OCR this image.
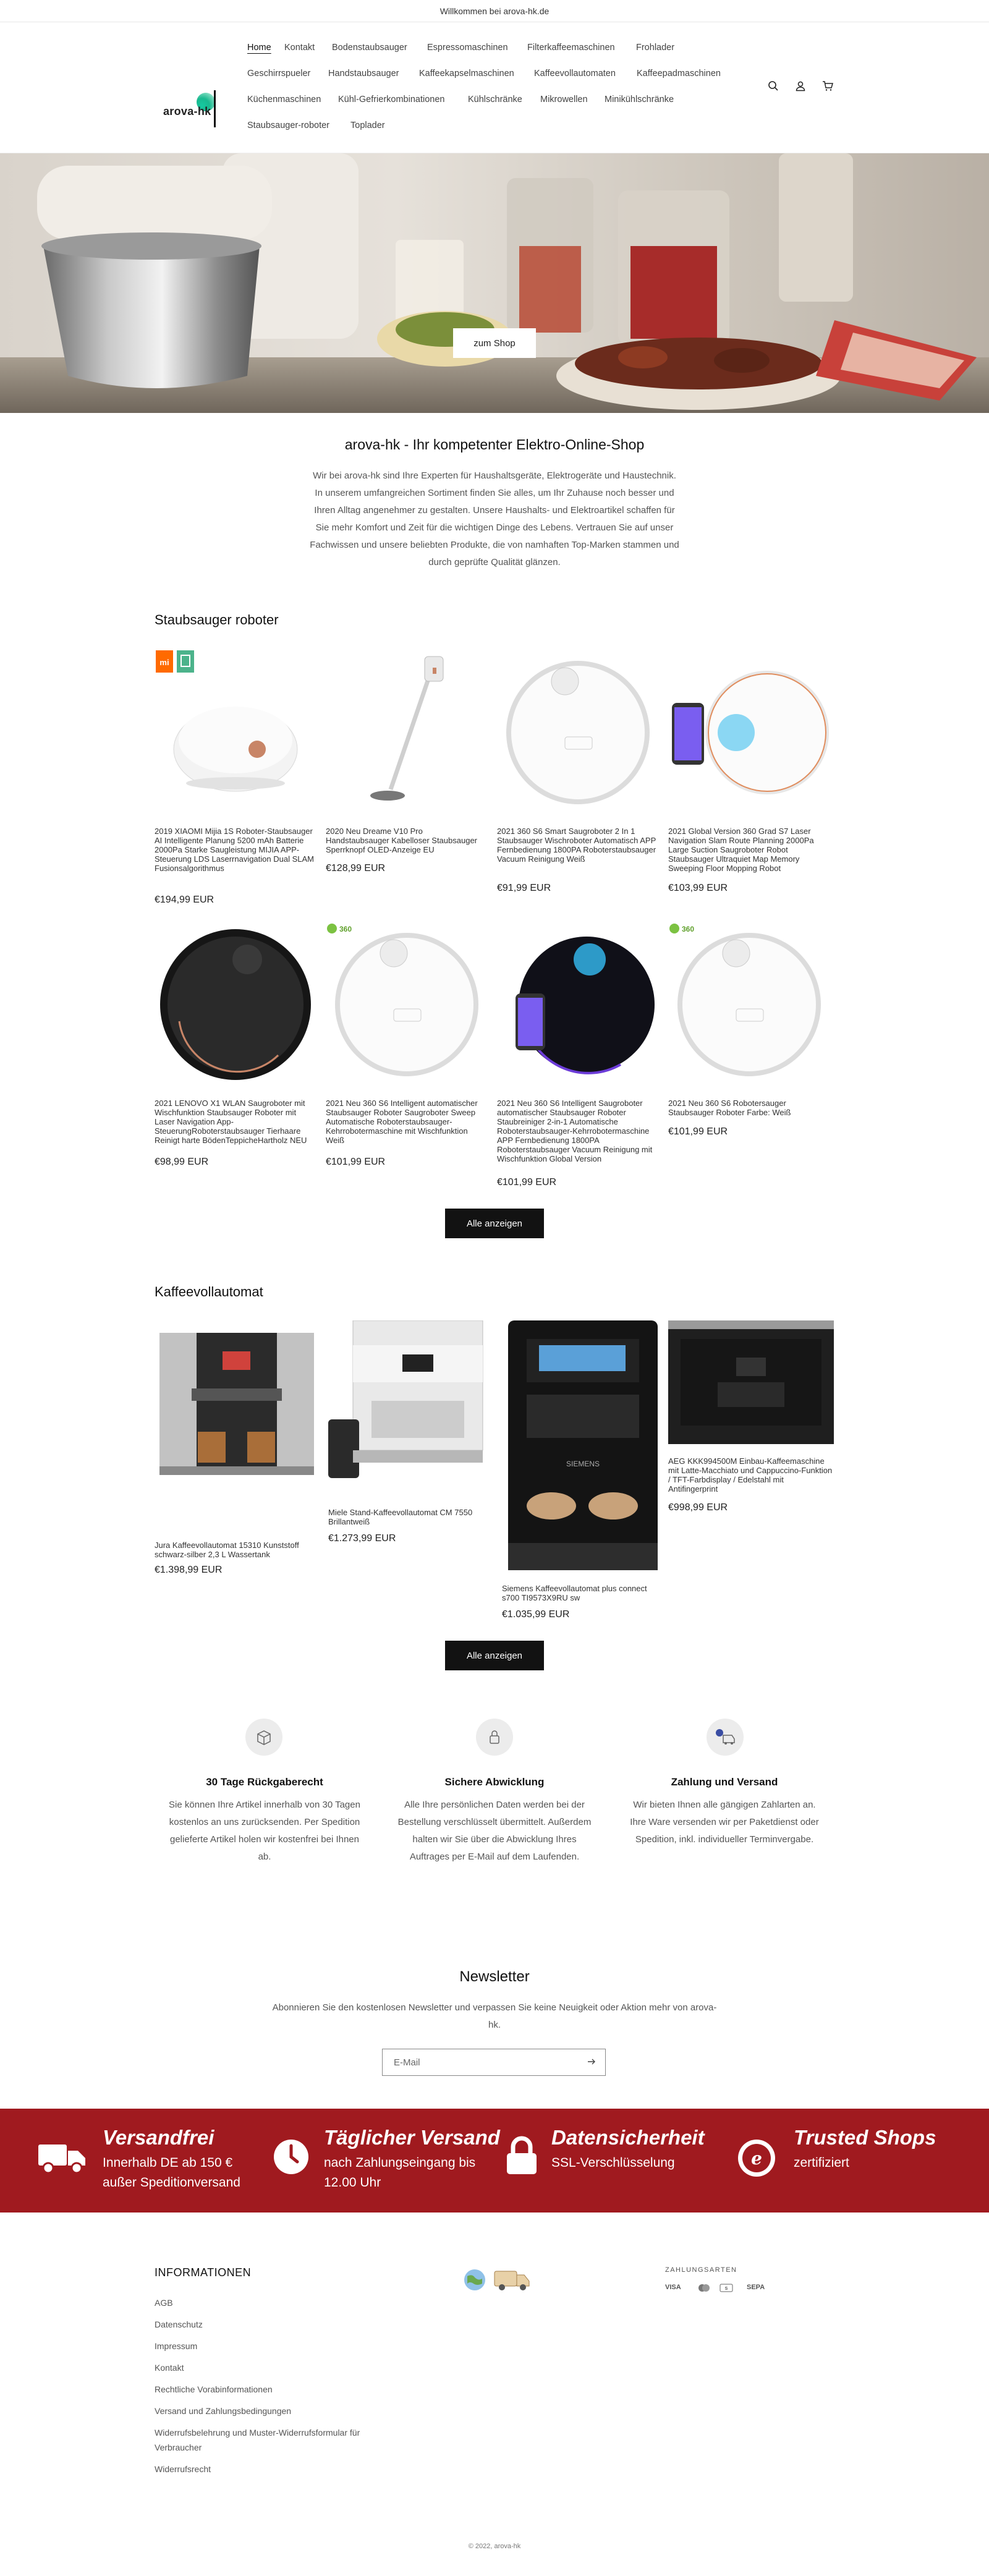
Willkommen bei arova-hk.de
arova-hk
Home Kontakt Bodenstaubsauger Espressomaschinen Filterkaffeemaschinen Frohlader
Geschirrspueler Handstaubsauger Kaffeekapselmaschinen Kaffeevollautomaten Kaffeepadmaschinen
Küchenmaschinen Kühl-Gefrierkombinationen	Kühlschränke Mikrowellen Minikühlschränke
Staubsauger-roboter Toplader
zum Shop
arova-hk - Ihr kompetenter Elektro-Online-Shop
Wir bei arova-hk sind Ihre Experten für Haushaltsgeräte, Elektrogeräte und Haustechnik. In unserem umfangreichen Sortiment finden Sie alles, um Ihr Zuhause noch besser und Ihren Alltag angenehmer zu gestalten. Unsere Haushalts- und Elektroartikel schaffen für Sie mehr Komfort und Zeit für die wichtigen Dinge des Lebens. Vertrauen Sie auf unser Fachwissen und unsere beliebten Produkte, die von namhaften Top-Marken stammen und durch geprüfte Qualität glänzen.
Staubsauger roboter
mi
2019 XIAOMI Mijia 1S Roboter-Staubsauger AI Intelligente Planung 5200 mAh Batterie 2000Pa Starke Saugleistung MIJIA APP-Steuerung LDS Laserrnavigation Dual SLAM Fusionsalgorithmus
€194,99 EUR
2020 Neu Dreame V10 Pro Handstaubsauger Kabelloser Staubsauger Sperrknopf OLED-Anzeige EU
€128,99 EUR
2021 360 S6 Smart Saugroboter 2 In 1 Staubsauger Wischroboter Automatisch APP Fernbedienung 1800PA Roboterstaubsauger Vacuum Reinigung Weiß
€91,99 EUR
2021 Global Version 360 Grad S7 Laser Navigation Slam Route Planning 2000Pa Large Suction Saugroboter Robot Staubsauger Ultraquiet Map Memory Sweeping Floor Mopping Robot
€103,99 EUR
2021 LENOVO X1 WLAN Saugroboter mit Wischfunktion Staubsauger Roboter mit Laser Navigation App-SteuerungRoboterstaubsauger Tierhaare Reinigt harte BödenTeppicheHartholz NEU
€98,99 EUR
360
2021 Neu 360 S6 Intelligent automatischer Staubsauger Roboter Saugroboter Sweep Automatische Roboterstaubsauger-Kehrrobotermaschine mit Wischfunktion Weiß
€101,99 EUR
2021 Neu 360 S6 Intelligent Saugroboter automatischer Staubsauger Roboter Staubreiniger 2-in-1 Automatische Roboterstaubsauger-Kehrrobotermaschine APP Fernbedienung 1800PA Roboterstaubsauger Vacuum Reinigung mit Wischfunktion Global Version
€101,99 EUR
360
2021 Neu 360 S6 Robotersauger Staubsauger Roboter Farbe: Weiß
€101,99 EUR
Alle anzeigen
Kaffeevollautomat
Jura Kaffeevollautomat 15310 Kunststoff schwarz-silber 2,3 L Wassertank
€1.398,99 EUR
Miele Stand-Kaffeevollautomat CM 7550 Brillantweiß
€1.273,99 EUR
SIEMENS
Siemens Kaffeevollautomat plus connect s700 TI9573X9RU sw
€1.035,99 EUR
AEG KKK994500M Einbau-Kaffeemaschine mit Latte-Macchiato und Cappuccino-Funktion / TFT-Farbdisplay / Edelstahl mit Antifingerprint
€998,99 EUR
Alle anzeigen
30 Tage Rückgaberecht
Sie können Ihre Artikel innerhalb von 30 Tagen kostenlos an uns zurücksenden. Per Spedition gelieferte Artikel holen wir kostenfrei bei Ihnen ab.
Sichere Abwicklung
Alle Ihre persönlichen Daten werden bei der Bestellung verschlüsselt übermittelt. Außerdem halten wir Sie über die Abwicklung Ihres Auftrages per E-Mail auf dem Laufenden.
Zahlung und Versand
Wir bieten Ihnen alle gängigen Zahlarten an. Ihre Ware versenden wir per Paketdienst oder Spedition, inkl. individueller Terminvergabe.
Newsletter
Abonnieren Sie den kostenlosen Newsletter und verpassen Sie keine Neuigkeit oder Aktion mehr von arova-hk.
E-Mail
Versandfrei
Innerhalb DE ab 150 €
außer Speditionversand
Täglicher Versand
nach Zahlungseingang bis
12.00 Uhr
Datensicherheit
SSL-Verschlüsselung	e
Trusted Shops
zertifiziert
INFORMATIONEN
AGB
Datenschutz
Impressum
Kontakt
Rechtliche Vorabinformationen
Versand und Zahlungsbedingungen
Widerrufsbelehrung und Muster-Widerrufsformular für Verbraucher
Widerrufsrecht
ZAHLUNGSARTEN
VISA	S	SEPA
© 2022, arova-hk
